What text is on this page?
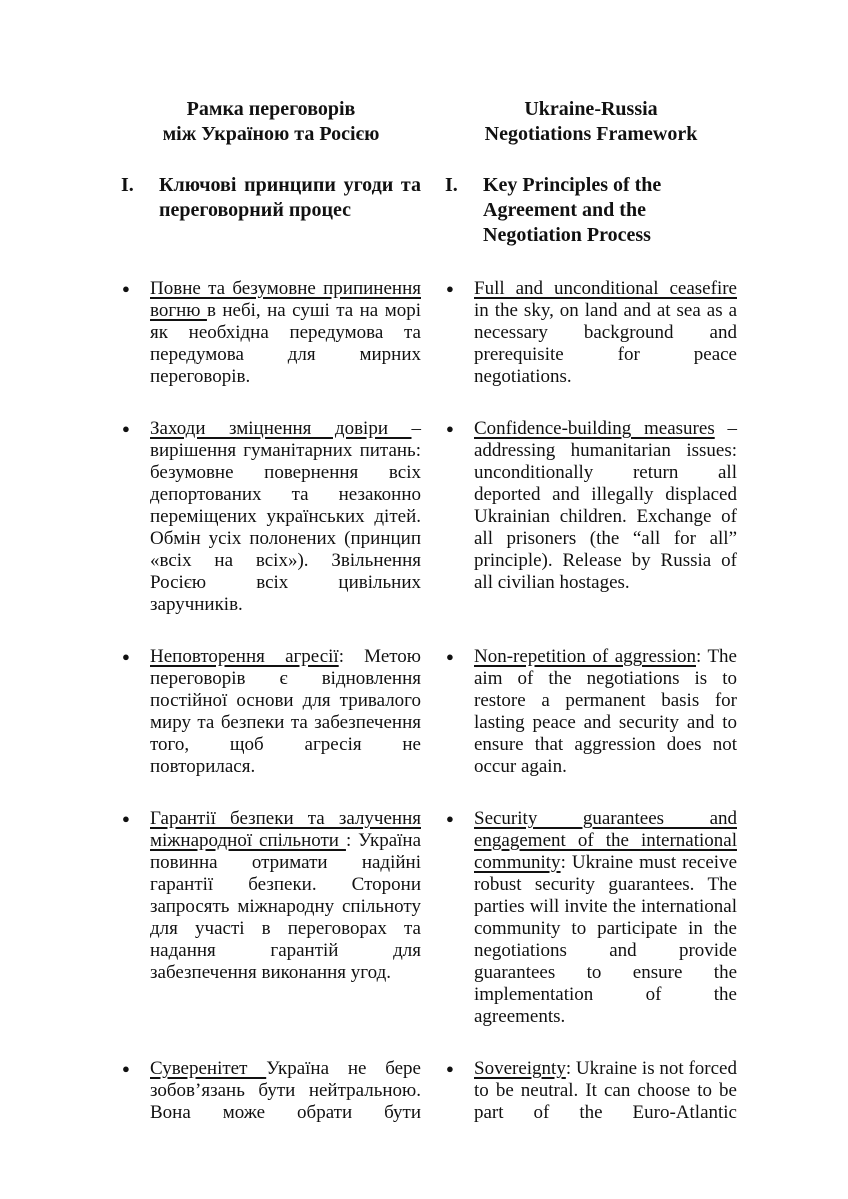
Рамка переговорів
між Україною та Росією
I.	Ключові принципи угоди та переговорний процес
Ukraine-Russia
Negotiations Framework
I.	Key Principles of the Agreement and the Negotiation Process
● Повне та безумовне припинення вогню в небі, на суші та на морі як необхідна передумова та передумова для мирних переговорів.
● Full and unconditional ceasefire in the sky, on land and at sea as a necessary background and prerequisite for peace negotiations.
● Заходи зміцнення довіри – вирішення гуманітарних питань: безумовне повернення всіх депортованих та незаконно переміщених українських дітей. Обмін усіх полонених (принцип «всіх на всіх»). Звільнення Росією всіх цивільних заручників.
● Confidence-building measures – addressing humanitarian issues: unconditionally return all deported and illegally displaced Ukrainian children. Exchange of all prisoners (the “all for all” principle). Release by Russia of all civilian hostages.
● Неповторення агресії: Метою переговорів є відновлення постійної основи для тривалого миру та безпеки та забезпечення того, щоб агресія не повторилася.
● Non-repetition of aggression: The aim of the negotiations is to restore a permanent basis for lasting peace and security and to ensure that aggression does not occur again.
● Гарантії безпеки та залучення міжнародної спільноти : Україна повинна отримати надійні гарантії безпеки. Сторони запросять міжнародну спільноту для участі в переговорах та надання гарантій для забезпечення виконання угод.
● Security guarantees and engagement of the international community: Ukraine must receive robust security guarantees. The parties will invite the international community to participate in the negotiations and provide guarantees to ensure the implementation of the agreements.
● Суверенітет Україна не бере зобов’язань бути нейтральною. Вона може обрати бути
● Sovereignty: Ukraine is not forced to be neutral. It can choose to be part of the Euro-Atlantic
